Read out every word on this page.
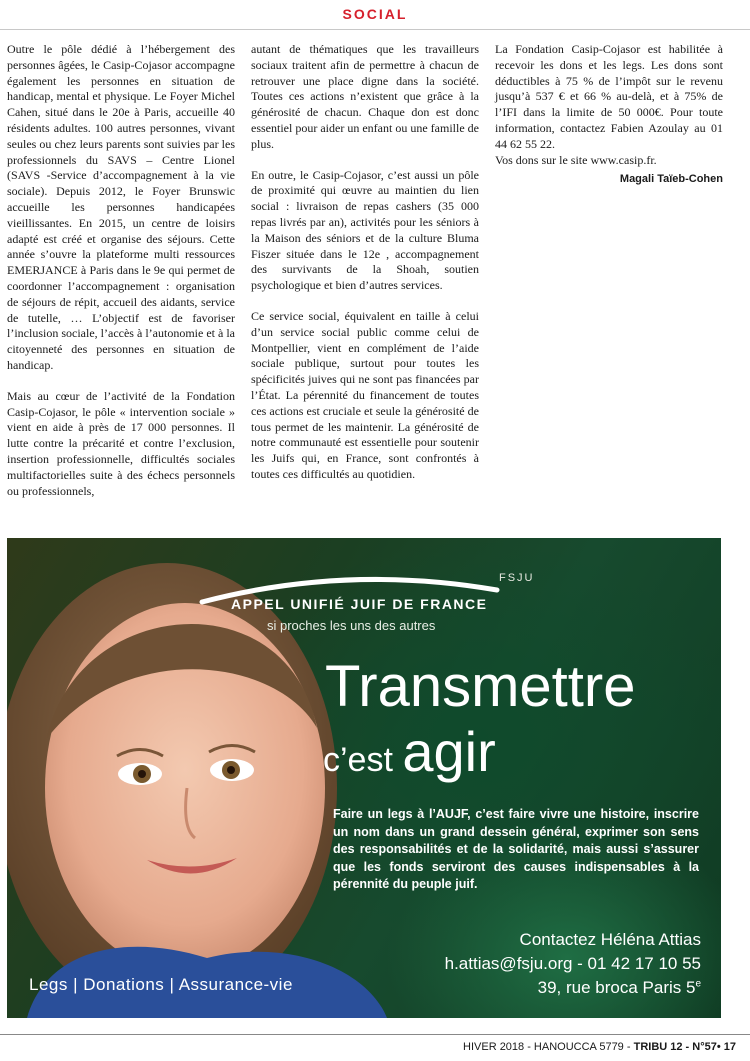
SOCIAL

Outre le pôle dédié à l’hébergement des personnes âgées, le Casip-Cojasor accompagne également les personnes en situation de handicap, mental et physique. Le Foyer Michel Cahen, situé dans le 20e à Paris, accueille 40 résidents adultes. 100 autres personnes, vivant seules ou chez leurs parents sont suivies par les professionnels du SAVS – Centre Lionel (SAVS -Service d’accompagnement à la vie sociale). Depuis 2012, le Foyer Brunswic accueille les personnes handicapées vieillissantes. En 2015, un centre de loisirs adapté est créé et organise des séjours. Cette année s’ouvre la plateforme multi ressources EMERJANCE à Paris dans le 9e qui permet de coordonner l’accompagnement : organisation de séjours de répit, accueil des aidants, service de tutelle, … L’objectif est de favoriser l’inclusion sociale, l’accès à l’autonomie et à la citoyenneté des personnes en situation de handicap.

Mais au cœur de l’activité de la Fondation Casip-Cojasor, le pôle « intervention sociale » vient en aide à près de 17 000 personnes. Il lutte contre la précarité et contre l’exclusion, insertion professionnelle, difficultés sociales multifactorielles suite à des échecs personnels ou professionnels,

autant de thématiques que les travailleurs sociaux traitent afin de permettre à chacun de retrouver une place digne dans la société. Toutes ces actions n’existent que grâce à la générosité de chacun. Chaque don est donc essentiel pour aider un enfant ou une famille de plus.

En outre, le Casip-Cojasor, c’est aussi un pôle de proximité qui œuvre au maintien du lien social : livraison de repas cashers (35 000 repas livrés par an), activités pour les séniors à la Maison des séniors et de la culture Bluma Fiszer située dans le 12e , accompagnement des survivants de la Shoah, soutien psychologique et bien d’autres services.

Ce service social, équivalent en taille à celui d’un service social public comme celui de Montpellier, vient en complément de l’aide sociale publique, surtout pour toutes les spécificités juives qui ne sont pas financées par l’État. La pérennité du financement de toutes ces actions est cruciale et seule la générosité de tous permet de les maintenir. La générosité de notre communauté est essentielle pour soutenir les Juifs qui, en France, sont confrontés à toutes ces difficultés au quotidien.

La Fondation Casip-Cojasor est habilitée à recevoir les dons et les legs. Les dons sont déductibles à 75 % de l’impôt sur le revenu jusqu’à 537 € et 66 % au-delà, et à 75% de l’IFI dans la limite de 50 000€. Pour toute information, contactez Fabien Azoulay au 01 44 62 55 22.

Vos dons sur le site www.casip.fr.

Magali Taïeb-Cohen
FSJU
APPEL UNIFIÉ JUIF DE FRANCE
si proches les uns des autres
Transmettre
c’est agir
Faire un legs à l’AUJF, c’est faire vivre une histoire, inscrire un nom dans un grand dessein général, exprimer son sens des responsabilités et de la solidarité, mais aussi s’assurer que les fonds serviront des causes indispensables à la pérennité du peuple juif.
Contactez Héléna Attias
h.attias@fsju.org - 01 42 17 10 55
39, rue broca Paris 5e
Legs | Donations | Assurance-vie
HIVER 2018 - HANOUCCA 5779 - TRIBU 12 - N°57• 17
